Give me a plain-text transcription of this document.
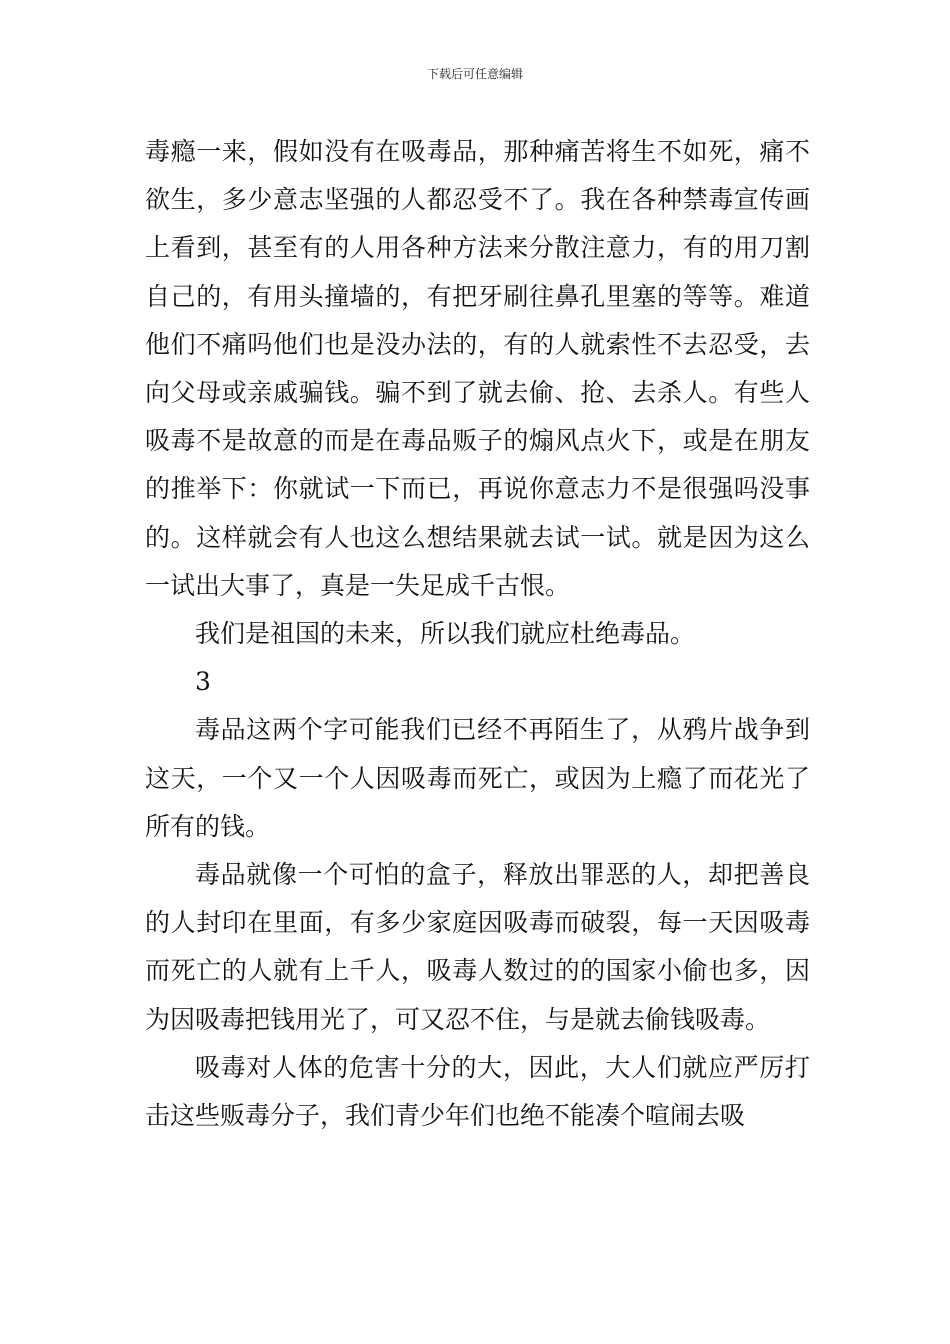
下载后可任意编辑

毒瘾一来，假如没有在吸毒品，那种痛苦将生不如死，痛不欲生，多少意志坚强的人都忍受不了。我在各种禁毒宣传画上看到，甚至有的人用各种方法来分散注意力，有的用刀割自己的，有用头撞墙的，有把牙刷往鼻孔里塞的等等。难道他们不痛吗他们也是没办法的，有的人就索性不去忍受，去向父母或亲戚骗钱。骗不到了就去偷、抢、去杀人。有些人吸毒不是故意的而是在毒品贩子的煽风点火下，或是在朋友的推举下：你就试一下而已，再说你意志力不是很强吗没事的。这样就会有人也这么想结果就去试一试。就是因为这么一试出大事了，真是一失足成千古恨。

我们是祖国的未来，所以我们就应杜绝毒品。

3

毒品这两个字可能我们已经不再陌生了，从鸦片战争到这天，一个又一个人因吸毒而死亡，或因为上瘾了而花光了所有的钱。

毒品就像一个可怕的盒子，释放出罪恶的人，却把善良的人封印在里面，有多少家庭因吸毒而破裂，每一天因吸毒而死亡的人就有上千人，吸毒人数过的的国家小偷也多，因为因吸毒把钱用光了，可又忍不住，与是就去偷钱吸毒。

吸毒对人体的危害十分的大，因此，大人们就应严厉打击这些贩毒分子，我们青少年们也绝不能凑个喧闹去吸
